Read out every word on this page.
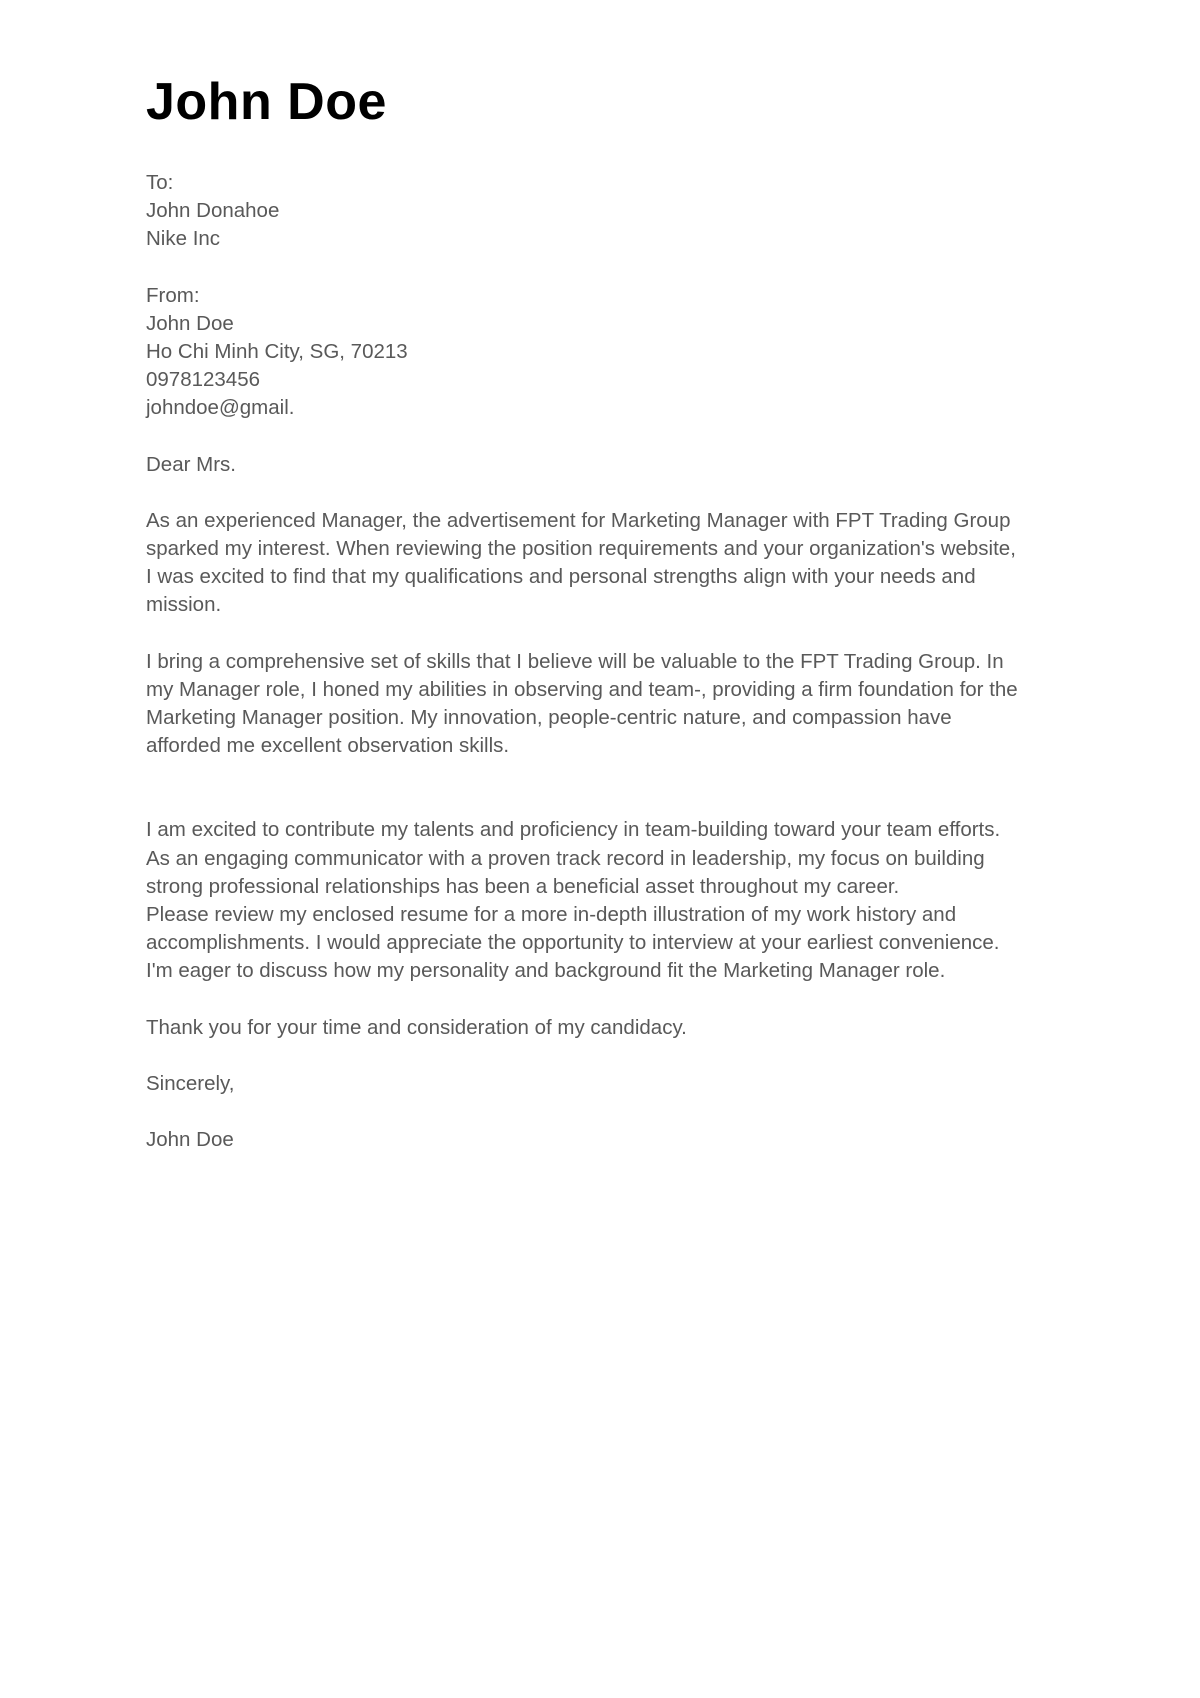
John Doe
To:
John Donahoe
Nike Inc
From:
John Doe
Ho Chi Minh City, SG, 70213
0978123456
johndoe@gmail.
Dear Mrs.
As an experienced Manager, the advertisement for Marketing Manager with FPT Trading Group
sparked my interest. When reviewing the position requirements and your organization's website,
I was excited to find that my qualifications and personal strengths align with your needs and
mission.
I bring a comprehensive set of skills that I believe will be valuable to the FPT Trading Group. In
my Manager role, I honed my abilities in observing and team-, providing a firm foundation for the
Marketing Manager position. My innovation, people-centric nature, and compassion have
afforded me excellent observation skills.
I am excited to contribute my talents and proficiency in team-building toward your team efforts.
As an engaging communicator with a proven track record in leadership, my focus on building
strong professional relationships has been a beneficial asset throughout my career.
Please review my enclosed resume for a more in-depth illustration of my work history and
accomplishments. I would appreciate the opportunity to interview at your earliest convenience.
I'm eager to discuss how my personality and background fit the Marketing Manager role.
Thank you for your time and consideration of my candidacy.
Sincerely,
John Doe
